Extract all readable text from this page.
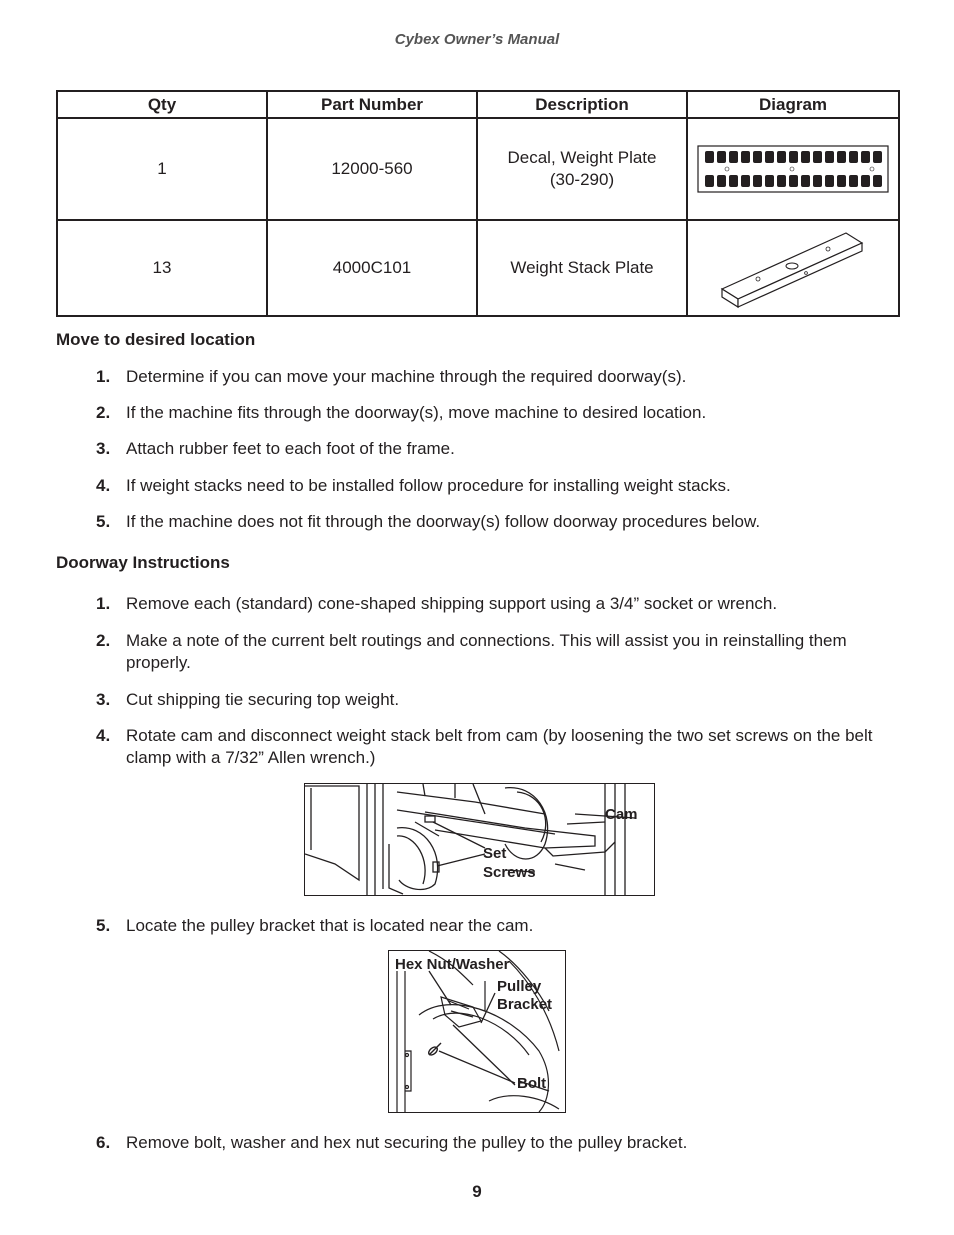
Cybex Owner’s Manual
Qty	Part Number	Description	Diagram
1	12000-560	Decal, Weight Plate
(30-290)

13	4000C101	Weight Stack Plate	
Move to desired location
1. Determine if you can move your machine through the required doorway(s).
2. If the machine fits through the doorway(s), move machine to desired location.
3. Attach rubber feet to each foot of the frame.
4. If weight stacks need to be installed follow procedure for installing weight stacks.
5. If the machine does not fit through the doorway(s) follow doorway procedures below.
Doorway Instructions
1. Remove each (standard) cone-shaped shipping support using a 3/4” socket or wrench.
2. Make a note of the current belt routings and connections. This will assist you in reinstalling them properly.
3. Cut shipping tie securing top weight.
4. Rotate cam and disconnect weight stack belt from cam (by loosening the two set screws on the belt clamp with a 7/32” Allen wrench.)
Cam
Set
Screws
5. Locate the pulley bracket that is located near the cam.
Hex Nut/Washer
Pulley
Bracket
Bolt
6. Remove bolt, washer and hex nut securing the pulley to the pulley bracket.
9
